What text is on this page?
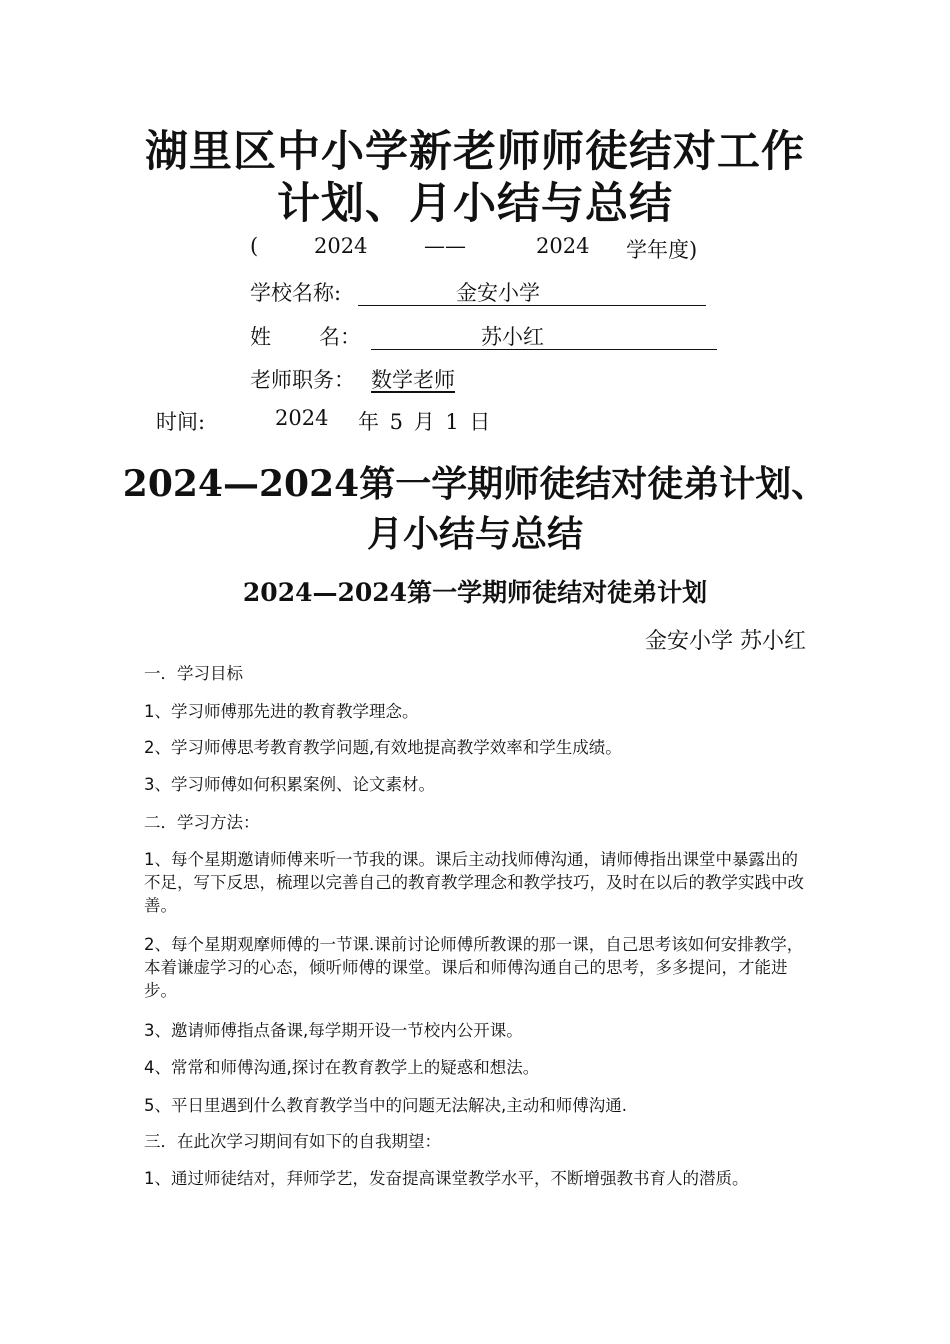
湖里区中小学新老师师徒结对工作
计划、月小结与总结
(	2024	——	2024 学年度)
学校名称:	金安小学
姓 名：	苏小红
老师职务： 数学老师
时间:	2024 年 5 月 1 日
2024—2024第一学期师徒结对徒弟计划、
月小结与总结
2024—2024第一学期师徒结对徒弟计划
金安小学 苏小红
一．学习目标
1、学习师傅那先进的教育教学理念。
2、学习师傅思考教育教学问题,有效地提高教学效率和学生成绩。
3、学习师傅如何积累案例、论文素材。
二．学习方法：
1、每个星期邀请师傅来听一节我的课。课后主动找师傅沟通，请师傅指出课堂中暴露出的不足，写下反思，梳理以完善自己的教育教学理念和教学技巧，及时在以后的教学实践中改善。
2、每个星期观摩师傅的一节课.课前讨论师傅所教课的那一课，自己思考该如何安排教学，本着谦虚学习的心态，倾听师傅的课堂。课后和师傅沟通自己的思考，多多提问，才能进步。
3、邀请师傅指点备课,每学期开设一节校内公开课。
4、常常和师傅沟通,探讨在教育教学上的疑惑和想法。
5、平日里遇到什么教育教学当中的问题无法解决,主动和师傅沟通.
三．在此次学习期间有如下的自我期望：
1、通过师徒结对，拜师学艺，发奋提高课堂教学水平，不断增强教书育人的潜质。
